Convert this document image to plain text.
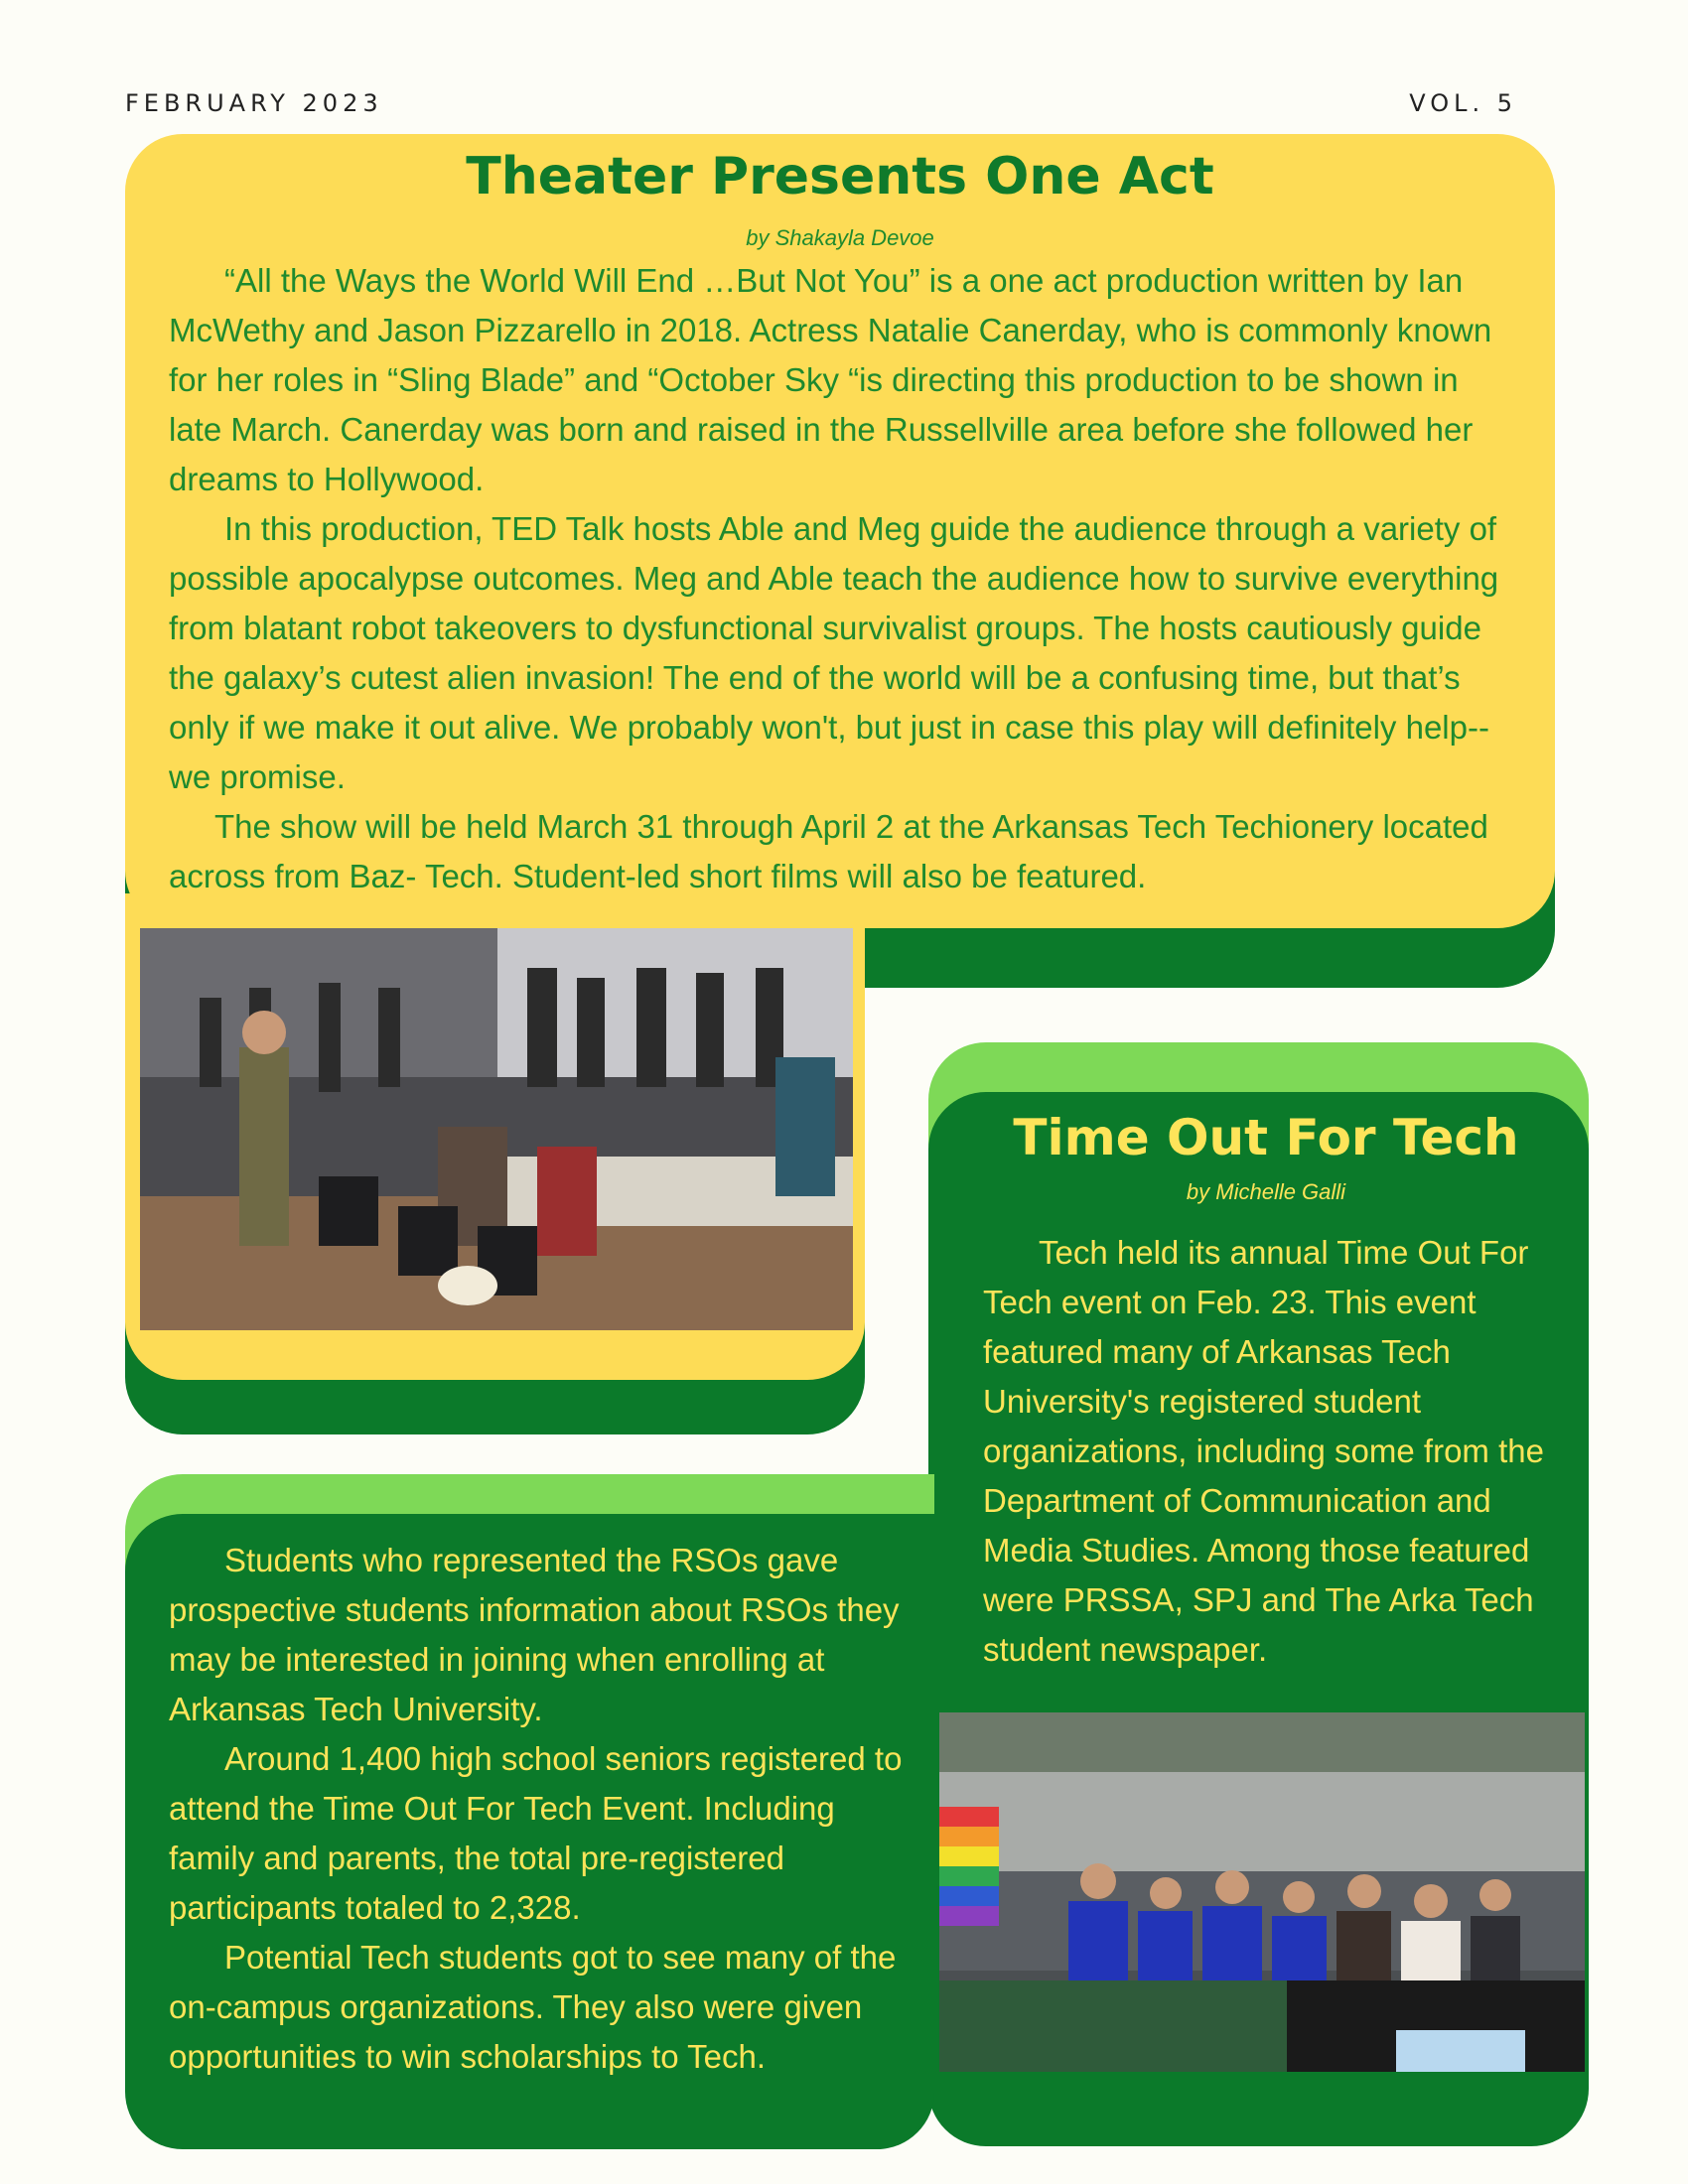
FEBRUARY 2023	VOL. 5
Theater Presents One Act
by Shakayla Devoe
“All the Ways the World Will End …But Not You” is a one act production written by Ian McWethy and Jason Pizzarello in 2018. Actress Natalie Canerday, who is commonly known for her roles in “Sling Blade” and “October Sky “is directing this production to be shown in late March. Canerday was born and raised in the Russellville area before she followed her dreams to Hollywood.
In this production, TED Talk hosts Able and Meg guide the audience through a variety of possible apocalypse outcomes. Meg and Able teach the audience how to survive everything from blatant robot takeovers to dysfunctional survivalist groups. The hosts cautiously guide the galaxy’s cutest alien invasion! The end of the world will be a confusing time, but that’s only if we make it out alive. We probably won't, but just in case this play will definitely help--we promise.
The show will be held March 31 through April 2 at the Arkansas Tech Techionery located across from Baz- Tech. Student-led short films will also be featured.
Time Out For Tech
by Michelle Galli
Tech held its annual Time Out For Tech event on Feb. 23. This event featured many of Arkansas Tech University's registered student organizations, including some from the Department of Communication and Media Studies. Among those featured were PRSSA, SPJ and The Arka Tech student newspaper.
Students who represented the RSOs gave prospective students information about RSOs they may be interested in joining when enrolling at Arkansas Tech University.
Around 1,400 high school seniors registered to attend the Time Out For Tech Event. Including family and parents, the total pre-registered participants totaled to 2,328.
Potential Tech students got to see many of the on-campus organizations. They also were given opportunities to win scholarships to Tech.
